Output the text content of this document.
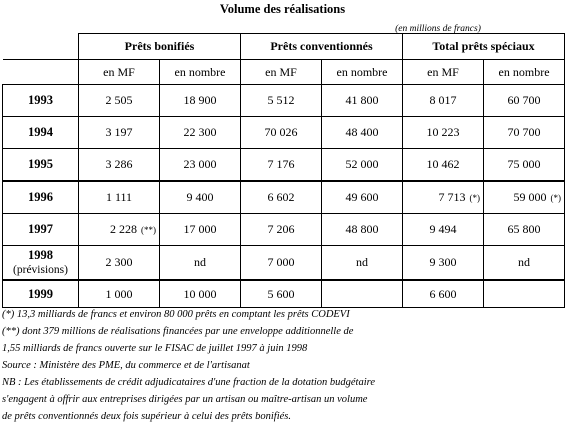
Volume des réalisations
(en millions de francs)
	Prêts bonifiés		Prêts conventionnés		Total prêts spéciaux	
	en MF	en nombre	en MF	en nombre	en MF	en nombre
1993	2 505	18 900	5 512	41 800	8 017	60 700
1994	3 197	22 300	70 026	48 400	10 223	70 700
1995	3 286	23 000	7 176	52 000	10 462	75 000
1996	1 111	9 400	6 602	49 600	7 713 (*)	59 000 (*)
1997	2 228 (**)	17 000	7 206	48 800	9 494	65 800
1998
(prévisions)	2 300	nd	7 000	nd	9 300	nd
1999	1 000	10 000	5 600		6 600	
(*) 13,3 milliards de francs et environ 80 000 prêts en comptant les prêts CODEVI
(**) dont 379 millions de réalisations financées par une enveloppe additionnelle de
1,55 milliards de francs ouverte sur le FISAC de juillet 1997 à juin 1998
Source : Ministère des PME, du commerce et de l'artisanat
NB : Les établissements de crédit adjudicataires d'une fraction de la dotation budgétaire
s'engagent à offrir aux entreprises dirigées par un artisan ou maître-artisan un volume
de prêts conventionnés deux fois supérieur à celui des prêts bonifiés.
